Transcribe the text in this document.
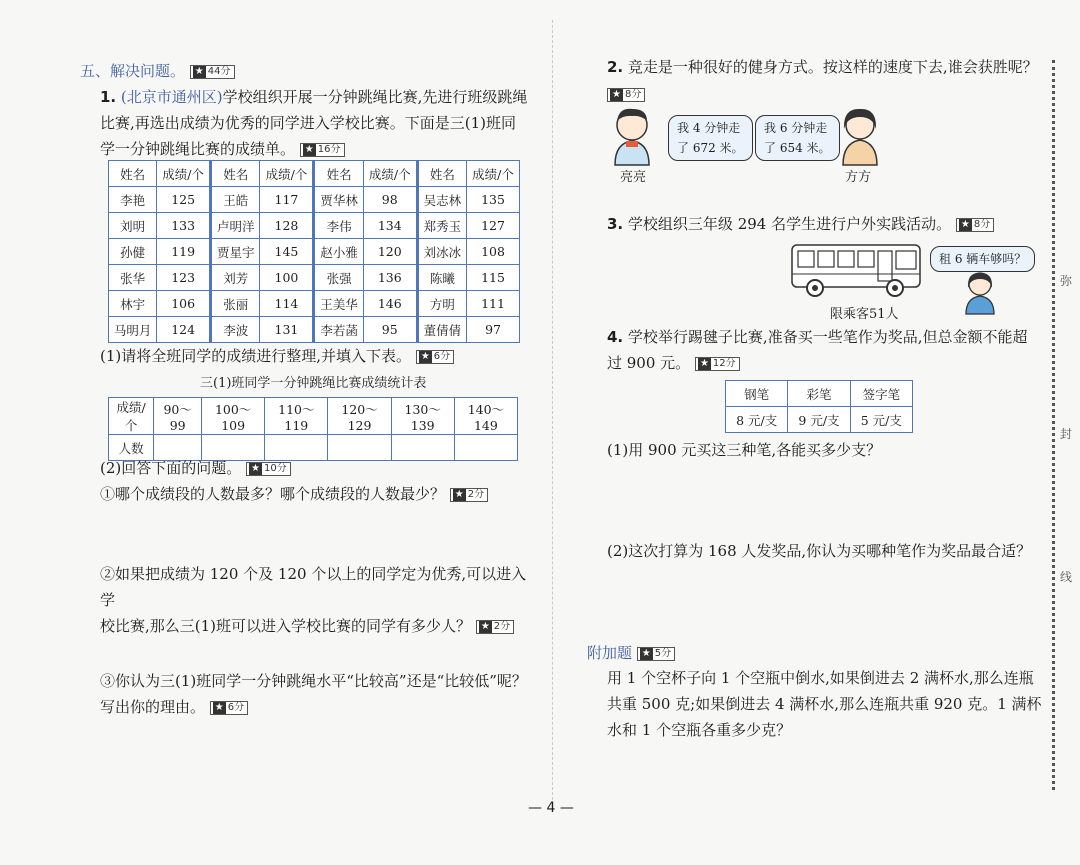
五、解决问题。 ★ 44分
1. (北京市通州区)学校组织开展一分钟跳绳比赛,先进行班级跳绳
比赛,再选出成绩为优秀的同学进入学校比赛。下面是三(1)班同
学一分钟跳绳比赛的成绩单。 ★ 16分
姓名	成绩/个	姓名	成绩/个	姓名	成绩/个	姓名	成绩/个
李艳	125	王皓	117	贾华林	98	吴志林	135
刘明	133	卢明洋	128	李伟	134	郑秀玉	127
孙健	119	贾星宇	145	赵小雅	120	刘冰冰	108
张华	123	刘芳	100	张强	136	陈曦	115
林宇	106	张丽	114	王美华	146	方明	111
马明月	124	李波	131	李若菡	95	董倩倩	97
(1)请将全班同学的成绩进行整理,并填入下表。 ★ 6分
三(1)班同学一分钟跳绳比赛成绩统计表
成绩/个	90～99	100～109	110～119	120～129	130～139	140～149
人数						
(2)回答下面的问题。 ★ 10分
①哪个成绩段的人数最多？哪个成绩段的人数最少？ ★ 2分
②如果把成绩为 120 个及 120 个以上的同学定为优秀,可以进入学
校比赛,那么三(1)班可以进入学校比赛的同学有多少人？ ★ 2分
③你认为三(1)班同学一分钟跳绳水平“比较高”还是“比较低”呢？
写出你的理由。 ★ 6分
2. 竞走是一种很好的健身方式。按这样的速度下去,谁会获胜呢？
★ 8分
我 4 分钟走
了 672 米。
我 6 分钟走
了 654 米。
亮亮	方方
3. 学校组织三年级 294 名学生进行户外实践活动。 ★ 8分
限乘客51人
租 6 辆车够吗？
4. 学校举行踢毽子比赛,准备买一些笔作为奖品,但总金额不能超
过 900 元。 ★ 12分
钢笔	彩笔	签字笔
8 元/支	9 元/支	5 元/支
(1)用 900 元买这三种笔,各能买多少支？
(2)这次打算为 168 人发奖品,你认为买哪种笔作为奖品最合适？
附加题 ★ 5分
用 1 个空杯子向 1 个空瓶中倒水,如果倒进去 2 满杯水,那么连瓶
共重 500 克;如果倒进去 4 满杯水,那么连瓶共重 920 克。1 满杯
水和 1 个空瓶各重多少克？
弥
封
线
— 4 —
